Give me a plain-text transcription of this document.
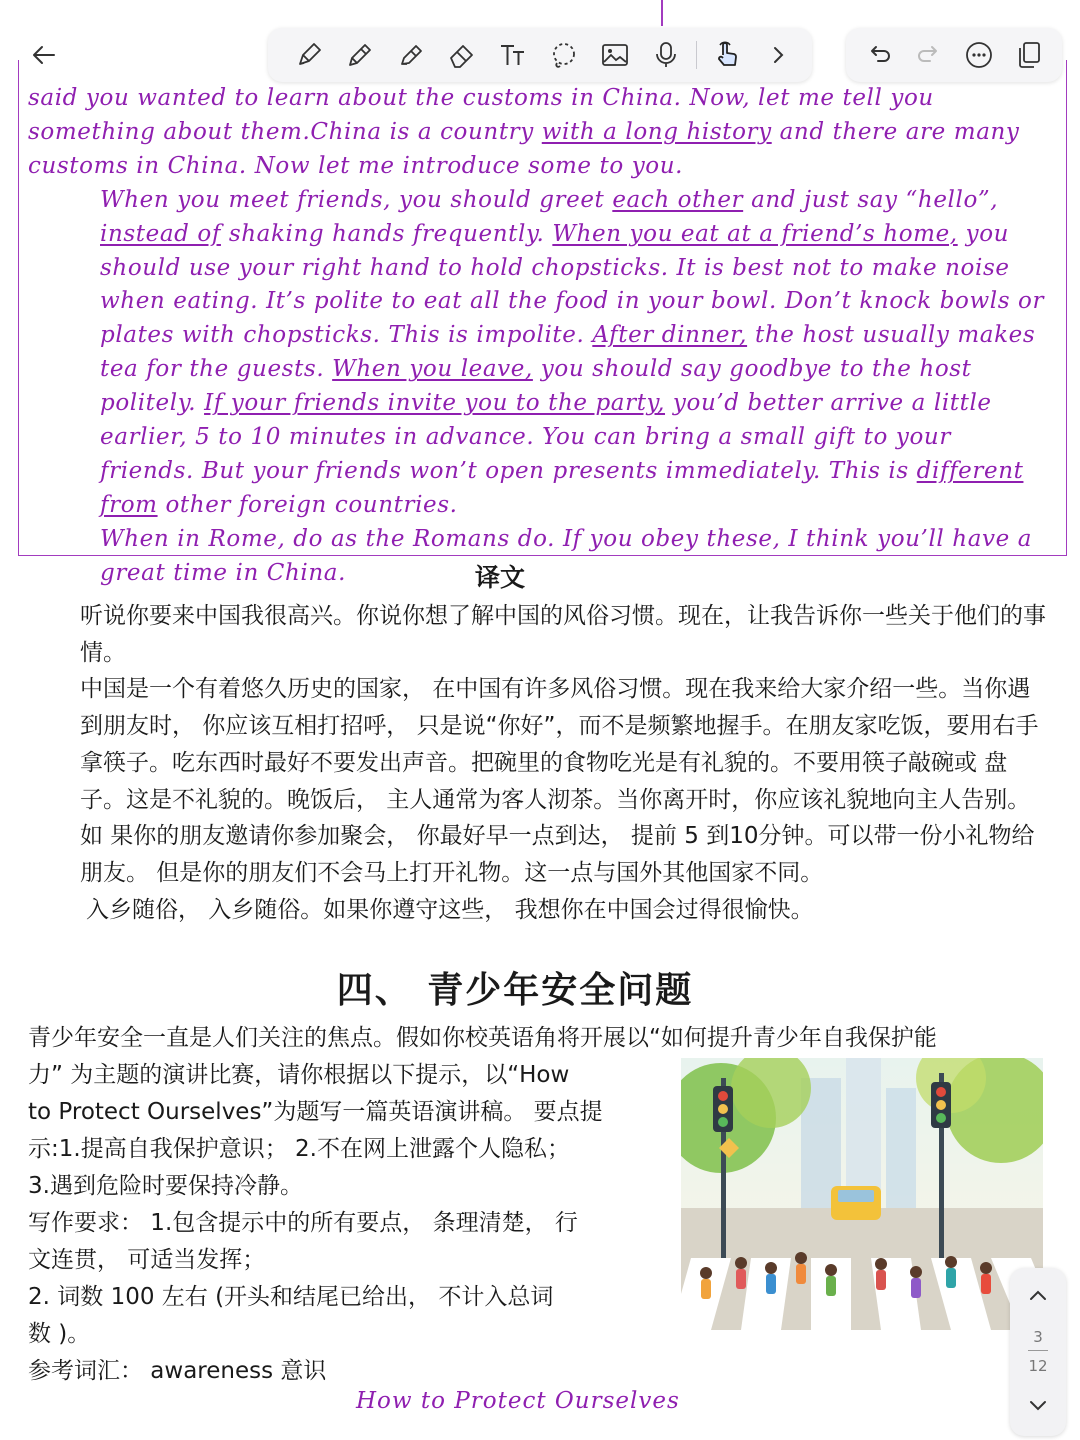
said you wanted to learn about the customs in China. Now, let me tell you something about them.China is a country with a long history and there are many customs in China. Now let me introduce some to you.

When you meet friends, you should greet each other and just say “hello”, instead of shaking hands frequently. When you eat at a friend’s home, you should use your right hand to hold chopsticks. It is best not to make noise when eating. It’s polite to eat all the food in your bowl. Don’t knock bowls or plates with chopsticks. This is impolite. After dinner, the host usually makes tea for the guests. When you leave, you should say goodbye to the host politely. If your friends invite you to the party, you’d better arrive a little earlier, 5 to 10 minutes in advance. You can bring a small gift to your friends. But your friends won’t open presents immediately. This is different from other foreign countries.

When in Rome, do as the Romans do. If you obey these, I think you’ll have a great time in China.	译文

听说你要来中国我很高兴。你说你想了解中国的风俗习惯。现在，让我告诉你一些关于他们的事情。

中国是一个有着悠久历史的国家， 在中国有许多风俗习惯。现在我来给大家介绍一些。当你遇到朋友时， 你应该互相打招呼， 只是说“你好”，而不是频繁地握手。在朋友家吃饭，要用右手拿筷子。吃东西时最好不要发出声音。把碗里的食物吃光是有礼貌的。不要用筷子敲碗或 盘子。这是不礼貌的。晚饭后， 主人通常为客人沏茶。当你离开时，你应该礼貌地向主人告别。如 果你的朋友邀请你参加聚会， 你最好早一点到达， 提前 5 到10分钟。可以带一份小礼物给朋友。 但是你的朋友们不会马上打开礼物。这一点与国外其他国家不同。

入乡随俗， 入乡随俗。如果你遵守这些， 我想你在中国会过得很愉快。

四、 青少年安全问题
青少年安全一直是人们关注的焦点。假如你校英语角将开展以“如何提升青少年自我保护能

力” 为主题的演讲比赛，请你根据以下提示，以“How

to Protect Ourselves”为题写一篇英语演讲稿。 要点提

示:1.提高自我保护意识； 2.不在网上泄露个人隐私；

3.遇到危险时要保持冷静。

写作要求： 1.包含提示中的所有要点， 条理清楚， 行

文连贯， 可适当发挥；

2. 词数 100 左右 (开头和结尾已给出， 不计入总词

数 )。

参考词汇： awareness 意识

How to Protect Ourselves
3
12
